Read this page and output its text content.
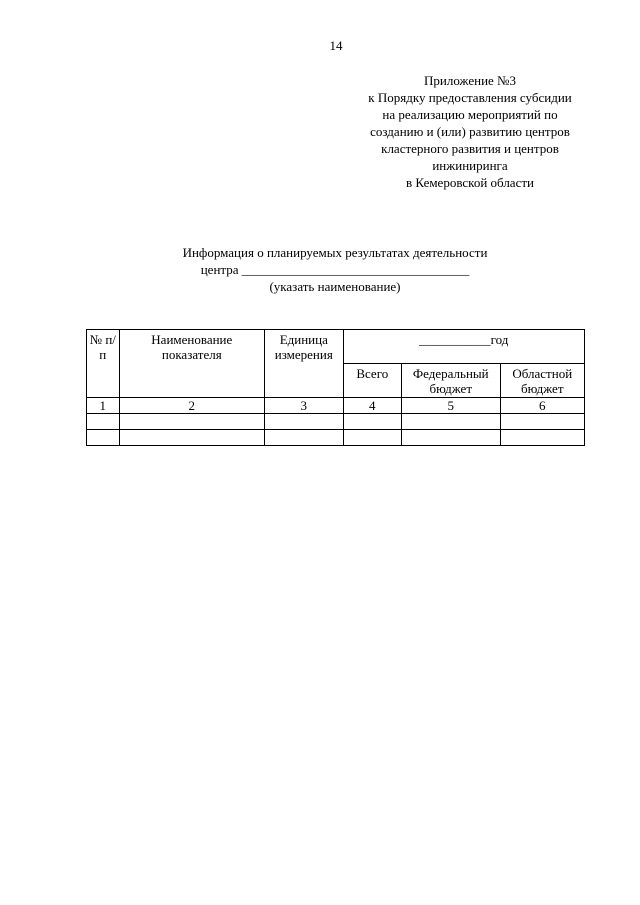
14
Приложение №3
к Порядку предоставления субсидии
на реализацию мероприятий по
созданию и (или) развитию центров
кластерного развития и центров
инжиниринга
в Кемеровской области
Информация о планируемых результатах деятельности
центра ___________________________________
(указать наименование)
№ п/п	Наименование показателя	Единица измерения	___________год		
			Всего	Федеральный бюджет	Областной бюджет
1	2	3	4	5	6
